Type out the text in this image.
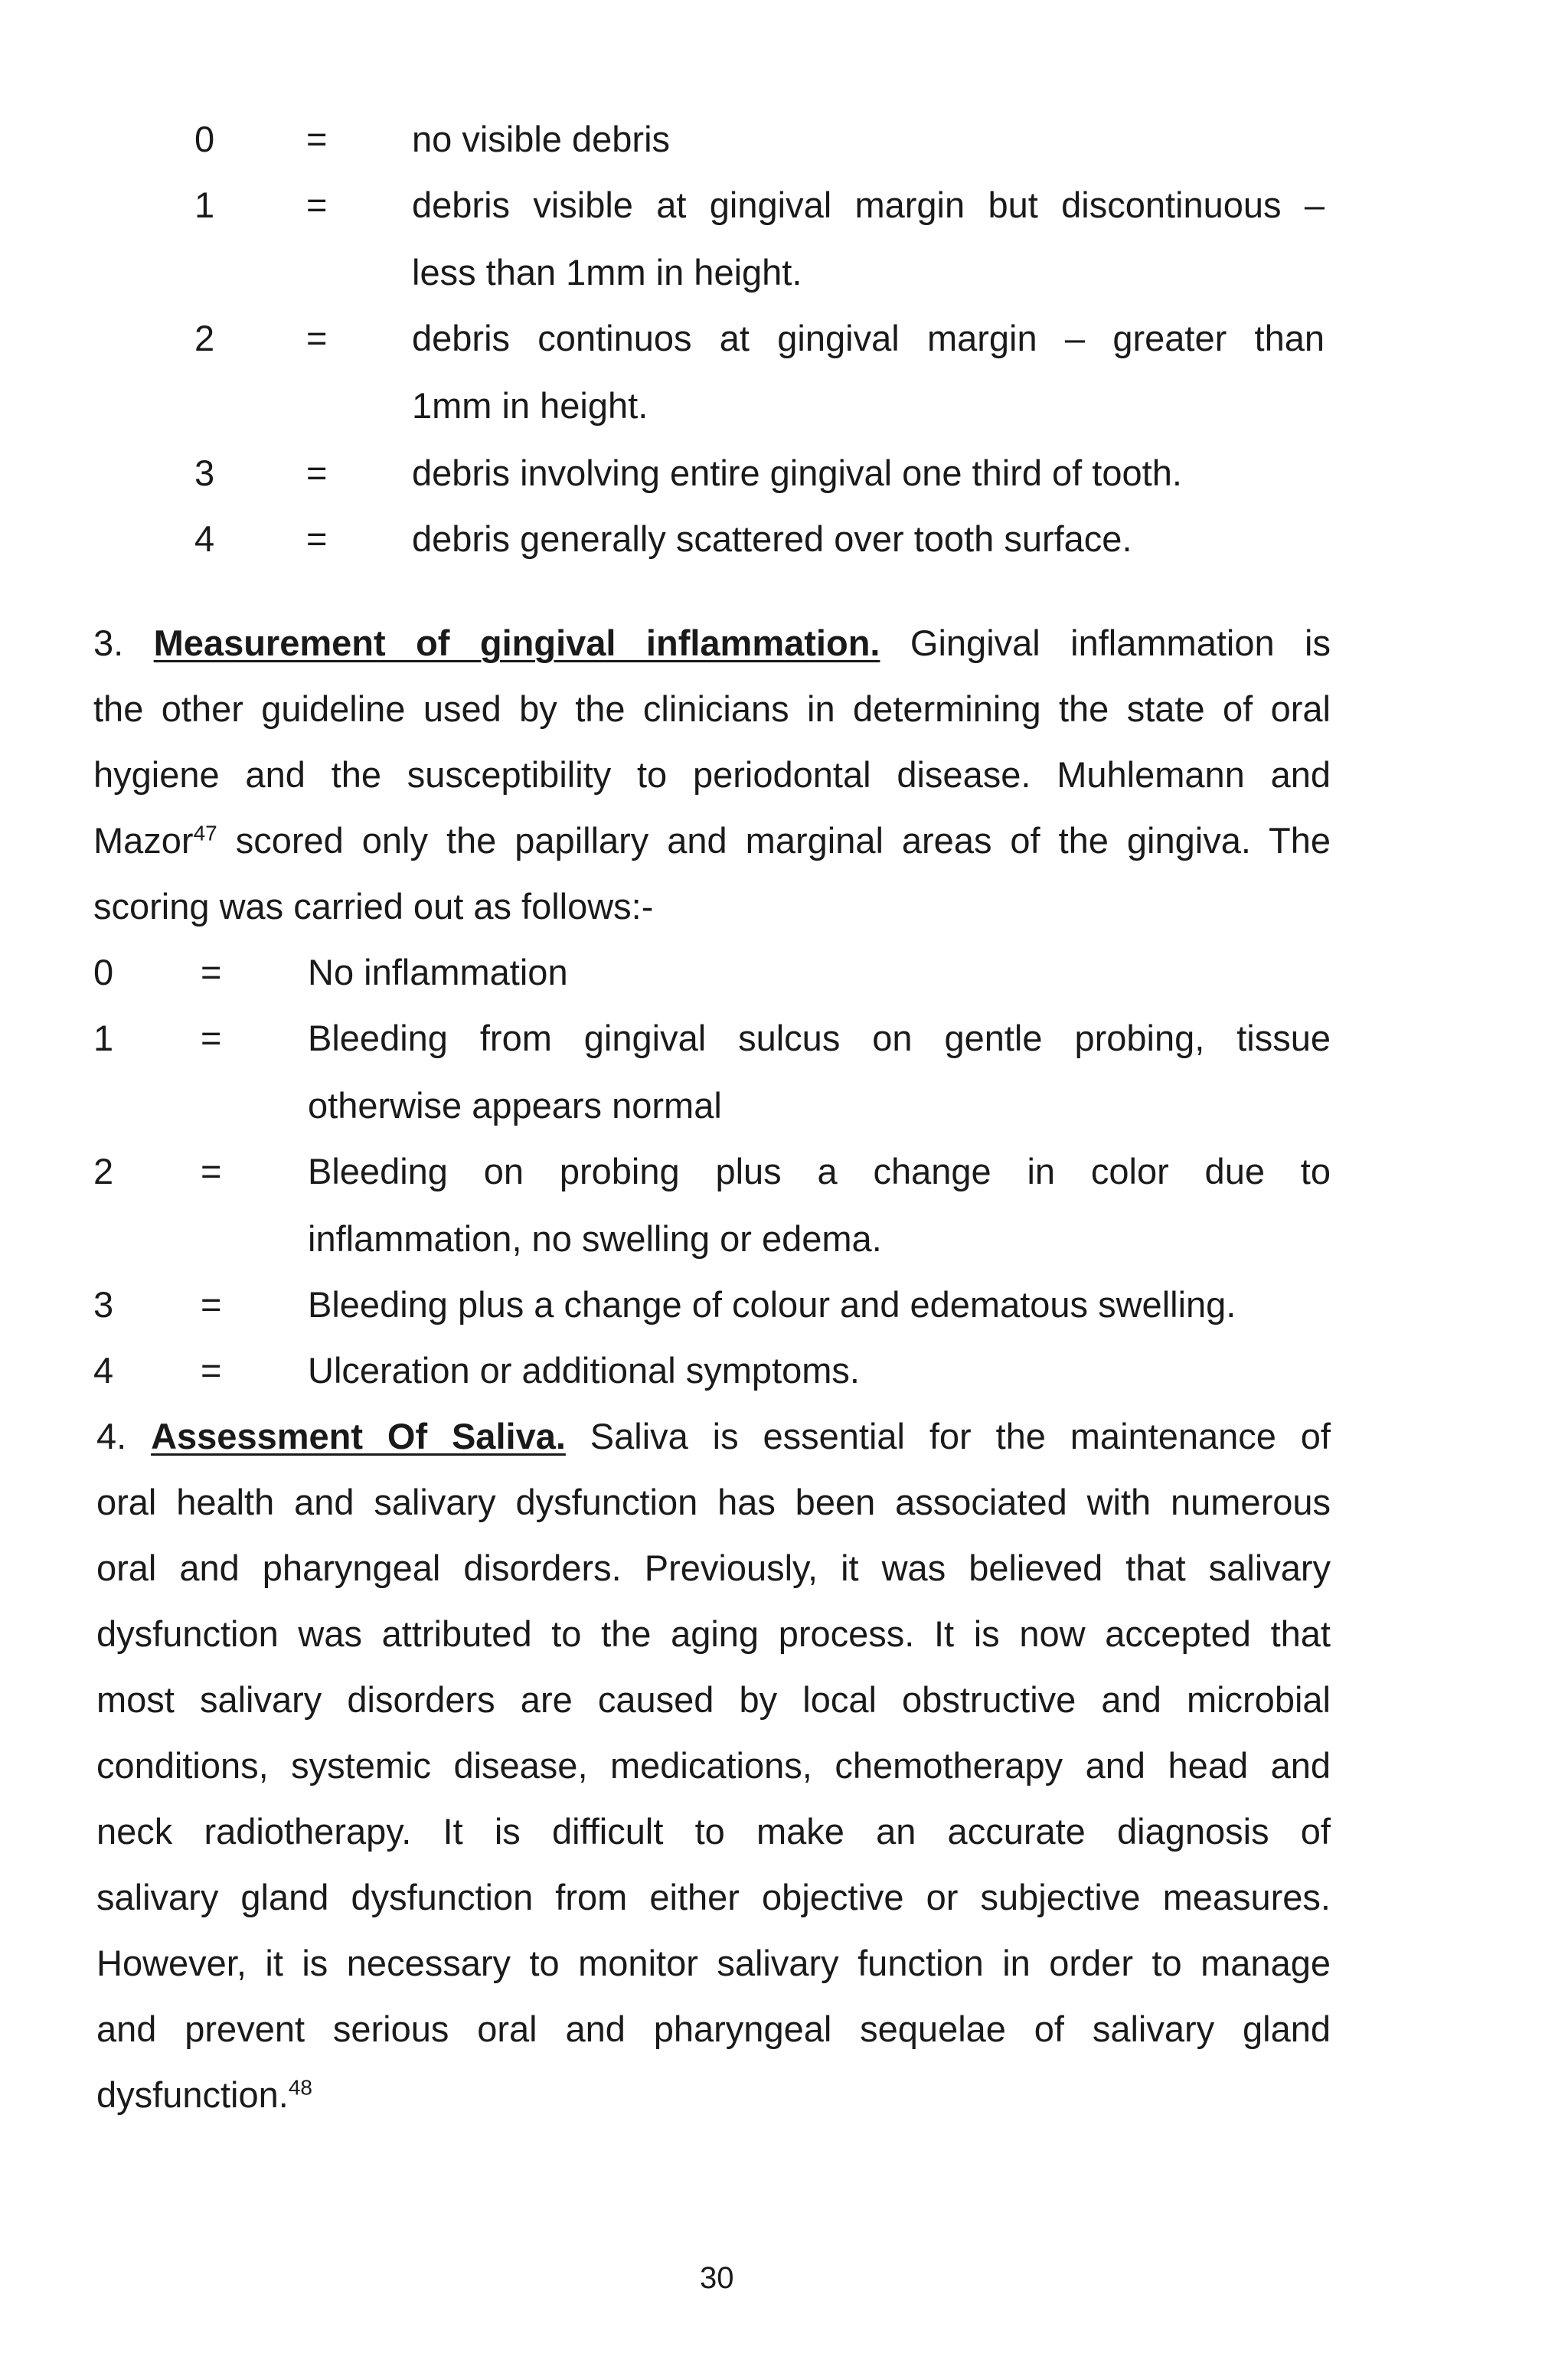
0	= no visible debris
1	= debris visible at gingival margin but discontinuous –
less than 1mm in height.
2	= debris continuos at gingival margin – greater than
1mm in height.
3	= debris involving entire gingival one third of tooth.
4	= debris generally scattered over tooth surface.
3. Measurement of gingival inflammation. Gingival inflammation is
the other guideline used by the clinicians in determining the state of oral
hygiene and the susceptibility to periodontal disease. Muhlemann and
Mazor$^{47}$ scored only the papillary and marginal areas of the gingiva. The
scoring was carried out as follows:-
0 = No inflammation
1 = Bleeding from gingival sulcus on gentle probing, tissue
otherwise appears normal
2 = Bleeding on probing plus a change in color due to
inflammation, no swelling or edema.
3 = Bleeding plus a change of colour and edematous swelling.
4 = Ulceration or additional symptoms.
4. Assessment Of Saliva. Saliva is essential for the maintenance of
oral health and salivary dysfunction has been associated with numerous
oral and pharyngeal disorders. Previously, it was believed that salivary
dysfunction was attributed to the aging process. It is now accepted that
most salivary disorders are caused by local obstructive and microbial
conditions, systemic disease, medications, chemotherapy and head and
neck radiotherapy. It is difficult to make an accurate diagnosis of
salivary gland dysfunction from either objective or subjective measures.
However, it is necessary to monitor salivary function in order to manage
and prevent serious oral and pharyngeal sequelae of salivary gland
dysfunction.$^{48}$
30
